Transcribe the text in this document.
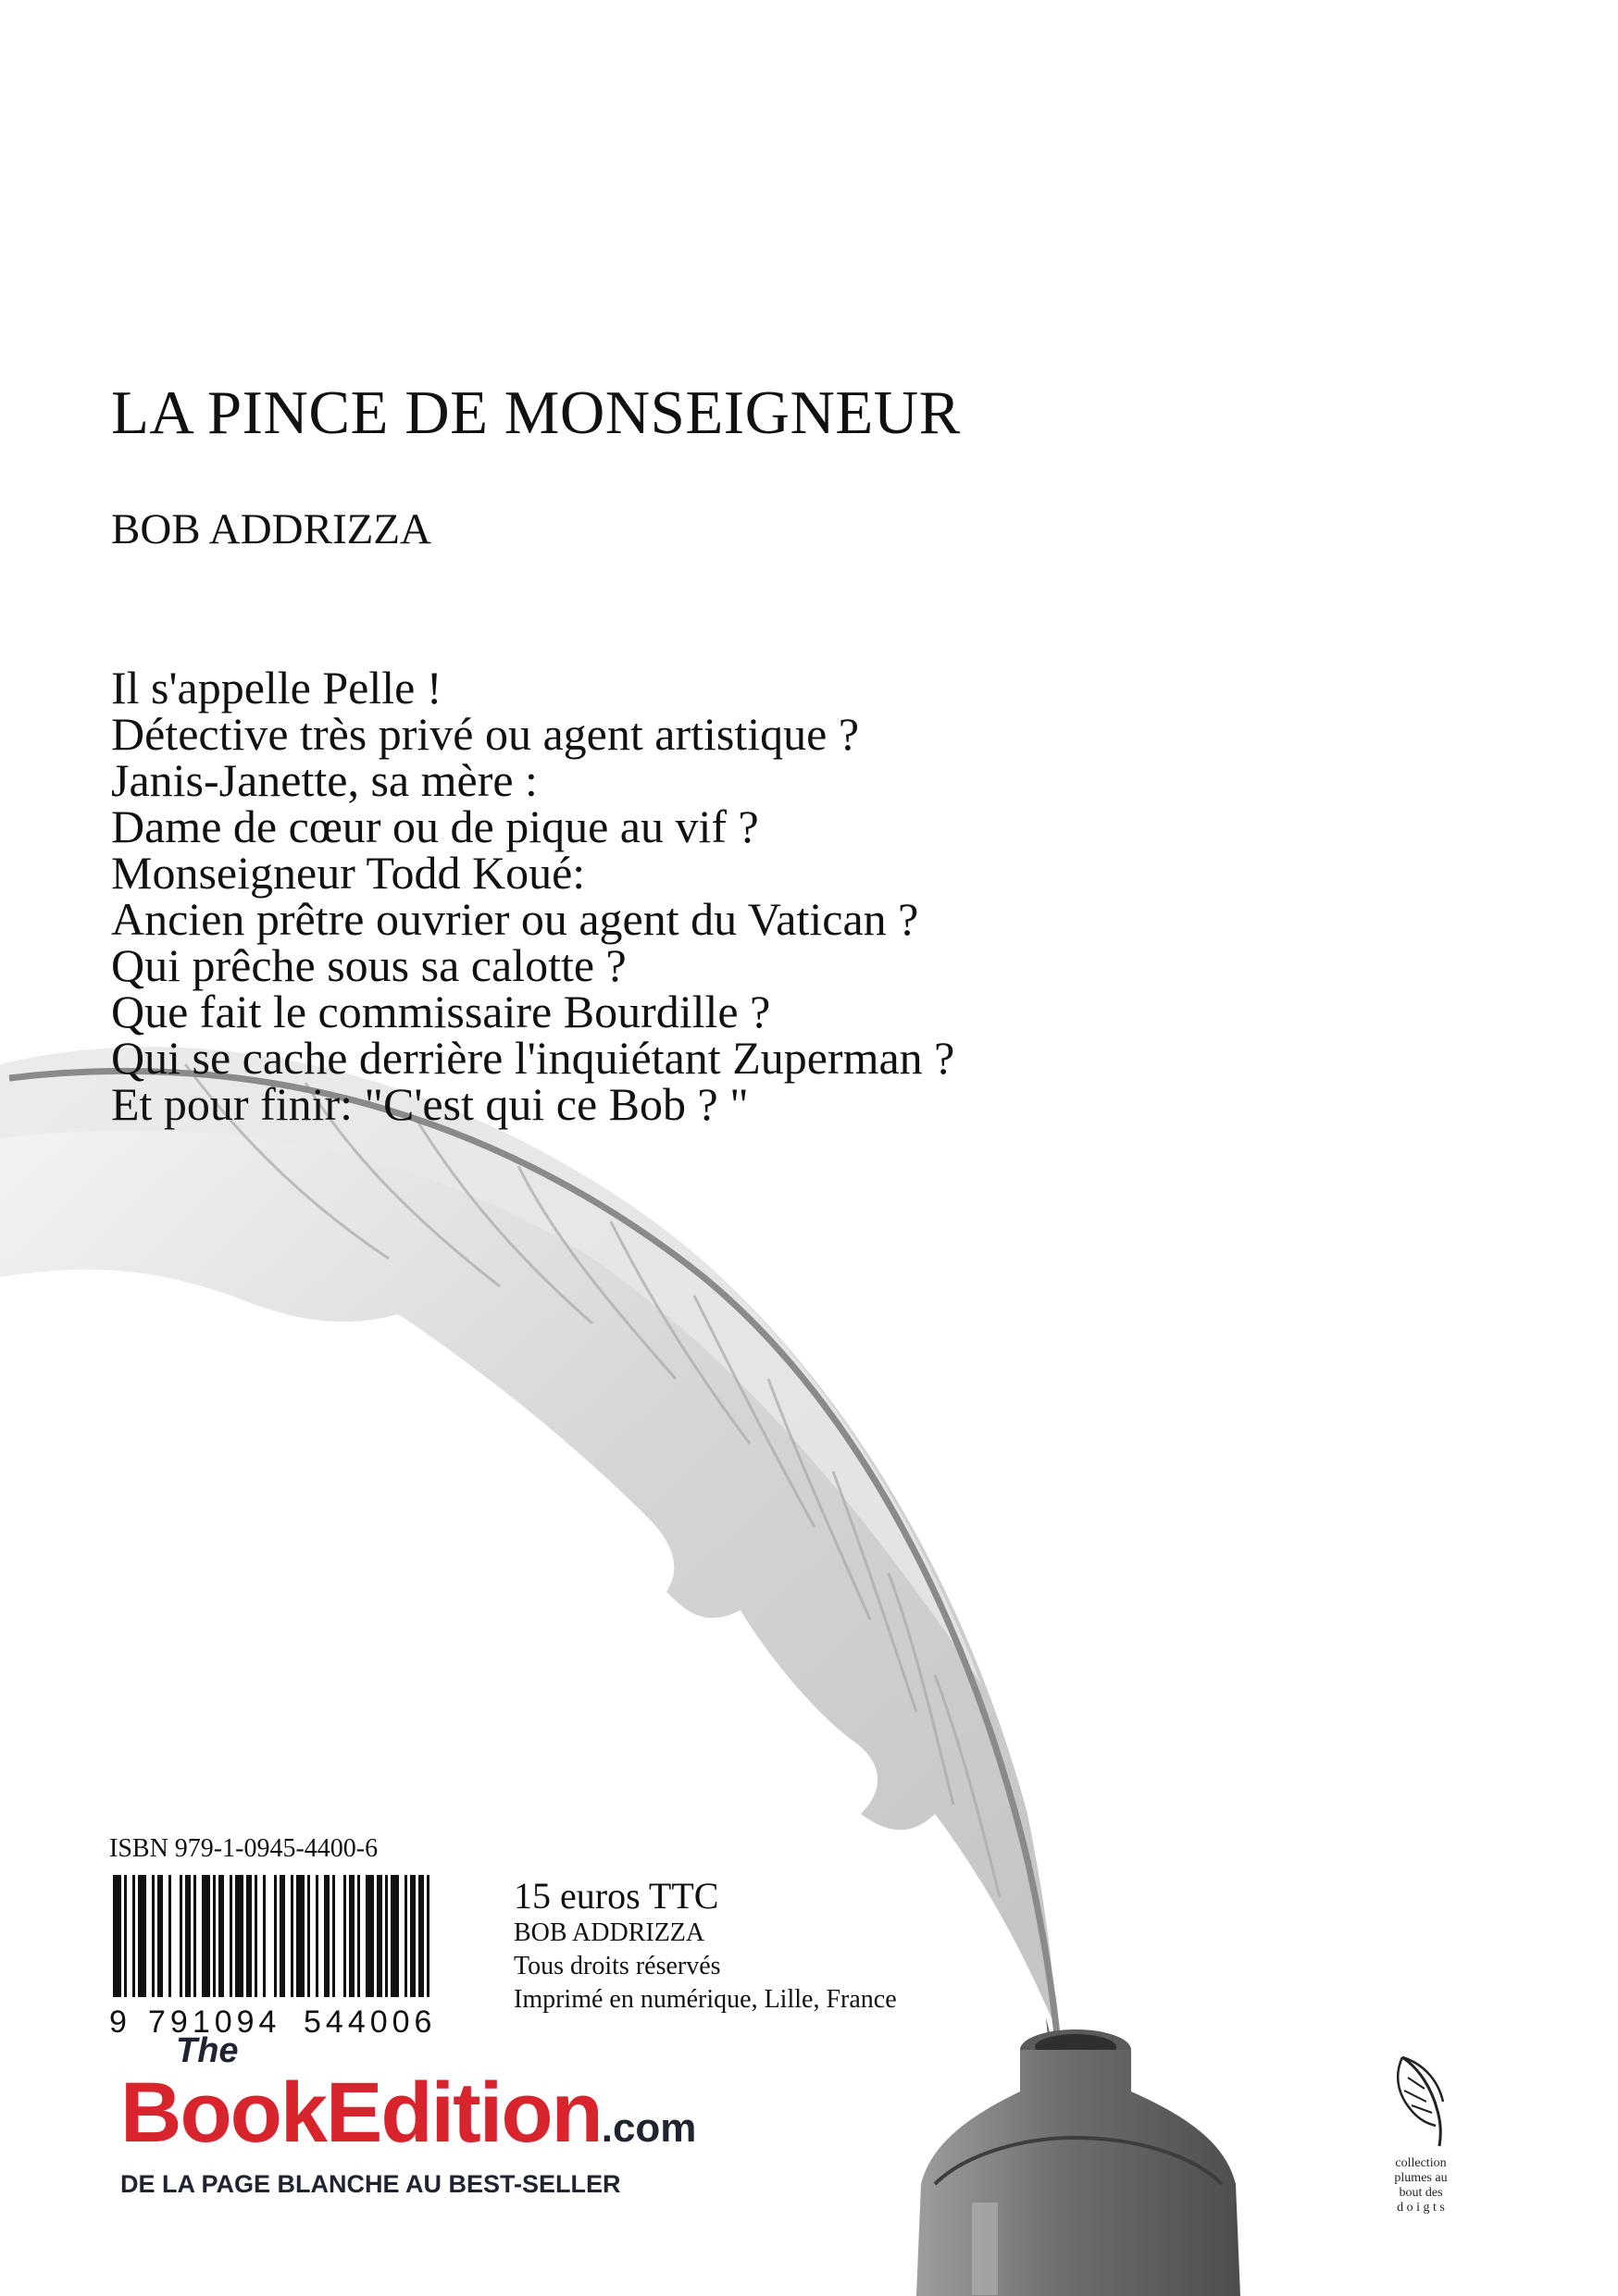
LA PINCE DE MONSEIGNEUR
BOB ADDRIZZA
Il s'appelle Pelle !
Détective très privé ou agent artistique ?
Janis-Janette, sa mère :
Dame de cœur ou de pique au vif ?
Monseigneur Todd Koué:
Ancien prêtre ouvrier ou agent du Vatican ?
Qui prêche sous sa calotte ?
Que fait le commissaire Bourdille ?
Qui se cache derrière l'inquiétant Zuperman ?
Et pour finir: "C'est qui ce Bob ? "
ISBN 979-1-0945-4400-6
9 791094 544006
15 euros TTC
BOB ADDRIZZA
Tous droits réservés
Imprimé en numérique, Lille, France
The
BookEdition.com
DE LA PAGE BLANCHE AU BEST-SELLER
collection
plumes au
bout des
d o i g t s
